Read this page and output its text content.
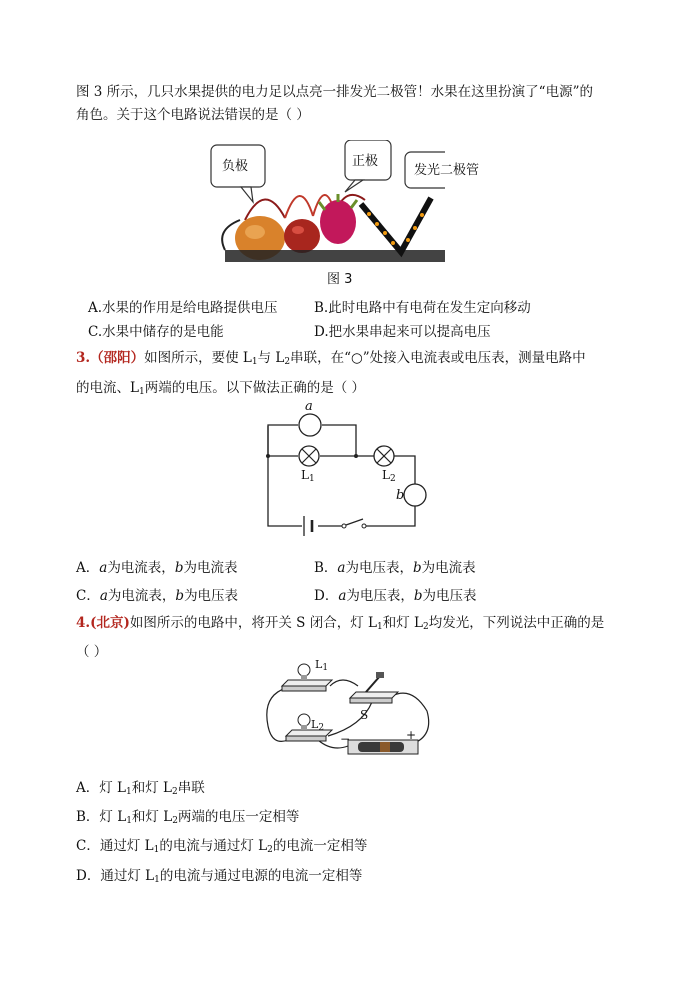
图 3 所示，几只水果提供的电力足以点亮一排发光二极管！水果在这里扮演了“电源”的
角色。关于这个电路说法错误的是（ ）
负极	正极
发光二极管
图 3
A.水果的作用是给电路提供电压	B.此时电路中有电荷在发生定向移动
C.水果中储存的是电能	D.把水果串起来可以提高电压
3.（邵阳）如图所示，要使 $L_1$与 $L_2$串联，在“○”处接入电流表或电压表，测量电路中
的电流、$L_1$两端的电压。以下做法正确的是（ ）
a
b
$L_1$	$L_2$
A．a为电流表，b为电流表	B．a为电压表，b为电流表
C．a为电流表，b为电压表	D．a为电压表，b为电压表
4.(北京)如图所示的电路中，将开关 S 闭合，灯 $L_1$和灯 $L_2$均发光，下列说法中正确的是
（ ）
$L_1$
$L_2$
S
−	+
A．灯 $L_1$和灯 $L_2$串联
B．灯 $L_1$和灯 $L_2$两端的电压一定相等
C．通过灯 $L_1$的电流与通过灯 $L_2$的电流一定相等
D．通过灯 $L_1$的电流与通过电源的电流一定相等
